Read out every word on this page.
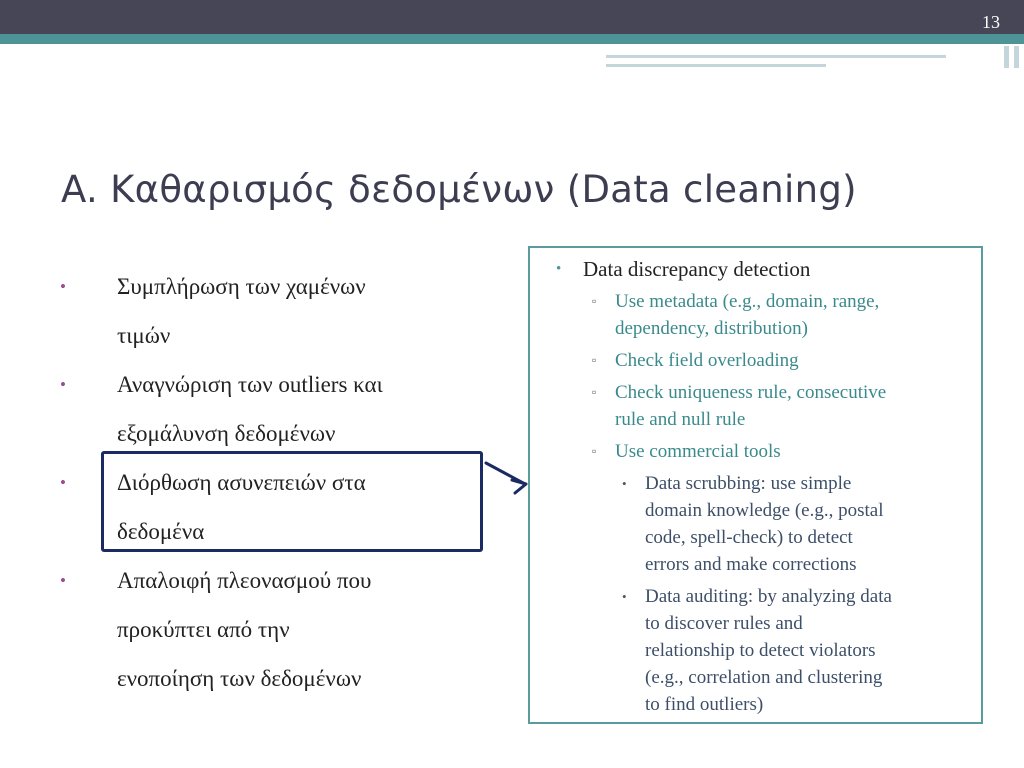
13
A. Καθαρισμός δεδομένων (Data cleaning)
• Συμπλήρωση των χαμένων
τιμών
• Αναγνώριση των outliers και
εξομάλυνση δεδομένων
• Διόρθωση ασυνεπειών στα
δεδομένα
• Απαλοιφή πλεονασμού που
προκύπτει από την
ενοποίηση των δεδομένων
• Data discrepancy detection
▫ Use metadata (e.g., domain, range,
dependency, distribution)
▫ Check field overloading
▫ Check uniqueness rule, consecutive
rule and null rule
▫ Use commercial tools
• Data scrubbing: use simple
domain knowledge (e.g., postal
code, spell-check) to detect
errors and make corrections
• Data auditing: by analyzing data
to discover rules and
relationship to detect violators
(e.g., correlation and clustering
to find outliers)
